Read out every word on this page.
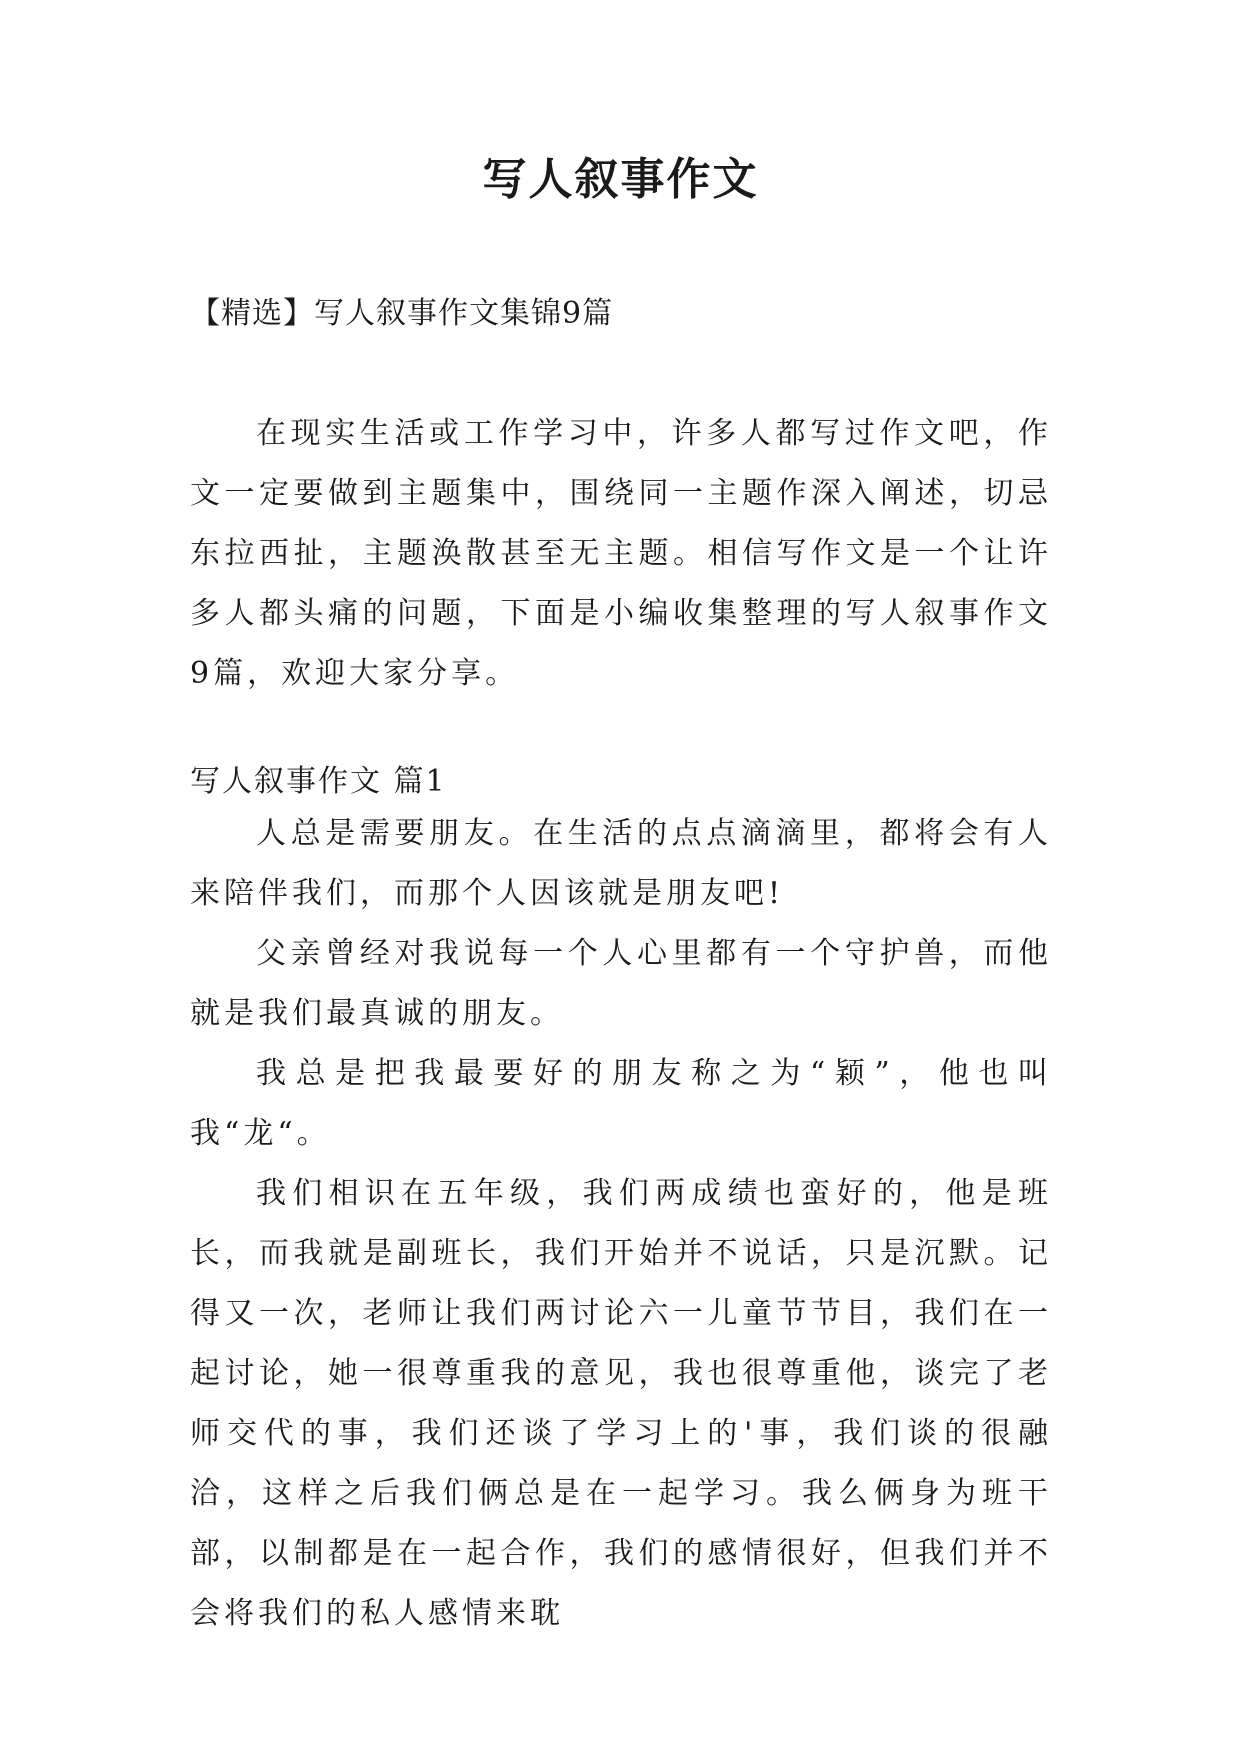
写人叙事作文
【精选】写人叙事作文集锦9篇

在现实生活或工作学习中，许多人都写过作文吧，作文一定要做到主题集中，围绕同一主题作深入阐述，切忌东拉西扯，主题涣散甚至无主题。相信写作文是一个让许多人都头痛的问题，下面是小编收集整理的写人叙事作文9篇，欢迎大家分享。

写人叙事作文 篇1

人总是需要朋友。在生活的点点滴滴里，都将会有人来陪伴我们，而那个人因该就是朋友吧!

父亲曾经对我说每一个人心里都有一个守护兽，而他就是我们最真诚的朋友。

我总是把我最要好的朋友称之为“颖”，他也叫我“龙“。

我们相识在五年级，我们两成绩也蛮好的，他是班长，而我就是副班长，我们开始并不说话，只是沉默。记得又一次，老师让我们两讨论六一儿童节节目，我们在一起讨论，她一很尊重我的意见，我也很尊重他，谈完了老师交代的事，我们还谈了学习上的'事，我们谈的很融洽，这样之后我们俩总是在一起学习。我么俩身为班干部，以制都是在一起合作，我们的感情很好，但我们并不会将我们的私人感情来耽
